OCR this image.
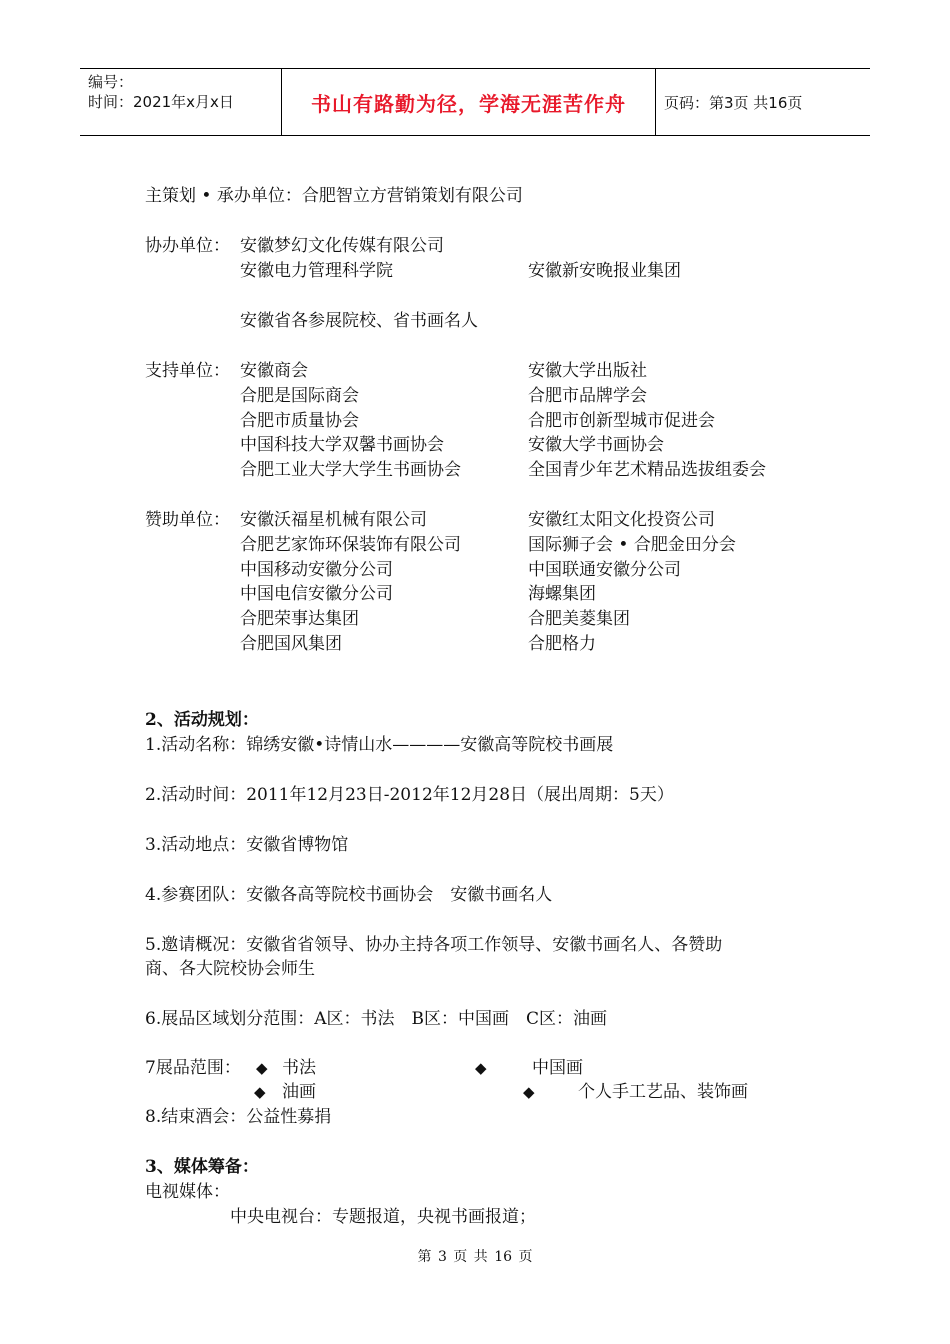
编号：
时间：2021年x月x日	书山有路勤为径，学海无涯苦作舟	页码：第3页 共16页
主策划 • 承办单位：合肥智立方营销策划有限公司
协办单位： 安徽梦幻文化传媒有限公司
安徽电力管理科学院	安徽新安晚报业集团
安徽省各参展院校、省书画名人
支持单位： 安徽商会	安徽大学出版社
合肥是国际商会	合肥市品牌学会
合肥市质量协会	合肥市创新型城市促进会
中国科技大学双馨书画协会	安徽大学书画协会
合肥工业大学大学生书画协会	全国青少年艺术精品选拔组委会
赞助单位： 安徽沃福星机械有限公司	安徽红太阳文化投资公司
合肥艺家饰环保装饰有限公司	国际狮子会 • 合肥金田分会
中国移动安徽分公司	中国联通安徽分公司
中国电信安徽分公司	海螺集团
合肥荣事达集团	合肥美菱集团
合肥国风集团	合肥格力
2、活动规划：
1.活动名称：锦绣安徽•诗情山水————安徽高等院校书画展
2.活动时间：2011年12月23日-2012年12月28日（展出周期：5天）
3.活动地点：安徽省博物馆
4.参赛团队：安徽各高等院校书画协会　安徽书画名人
5.邀请概况：安徽省省领导、协办主持各项工作领导、安徽书画名人、各赞助
商、各大院校协会师生
6.展品区域划分范围：A区：书法　B区：中国画　C区：油画
7展品范围： ◆ 书法	◆	中国画
◆ 油画	◆	个人手工艺品、装饰画
8.结束酒会：公益性募捐
3、媒体筹备：
电视媒体：
中央电视台：专题报道，央视书画报道；
第 3 页 共 16 页
